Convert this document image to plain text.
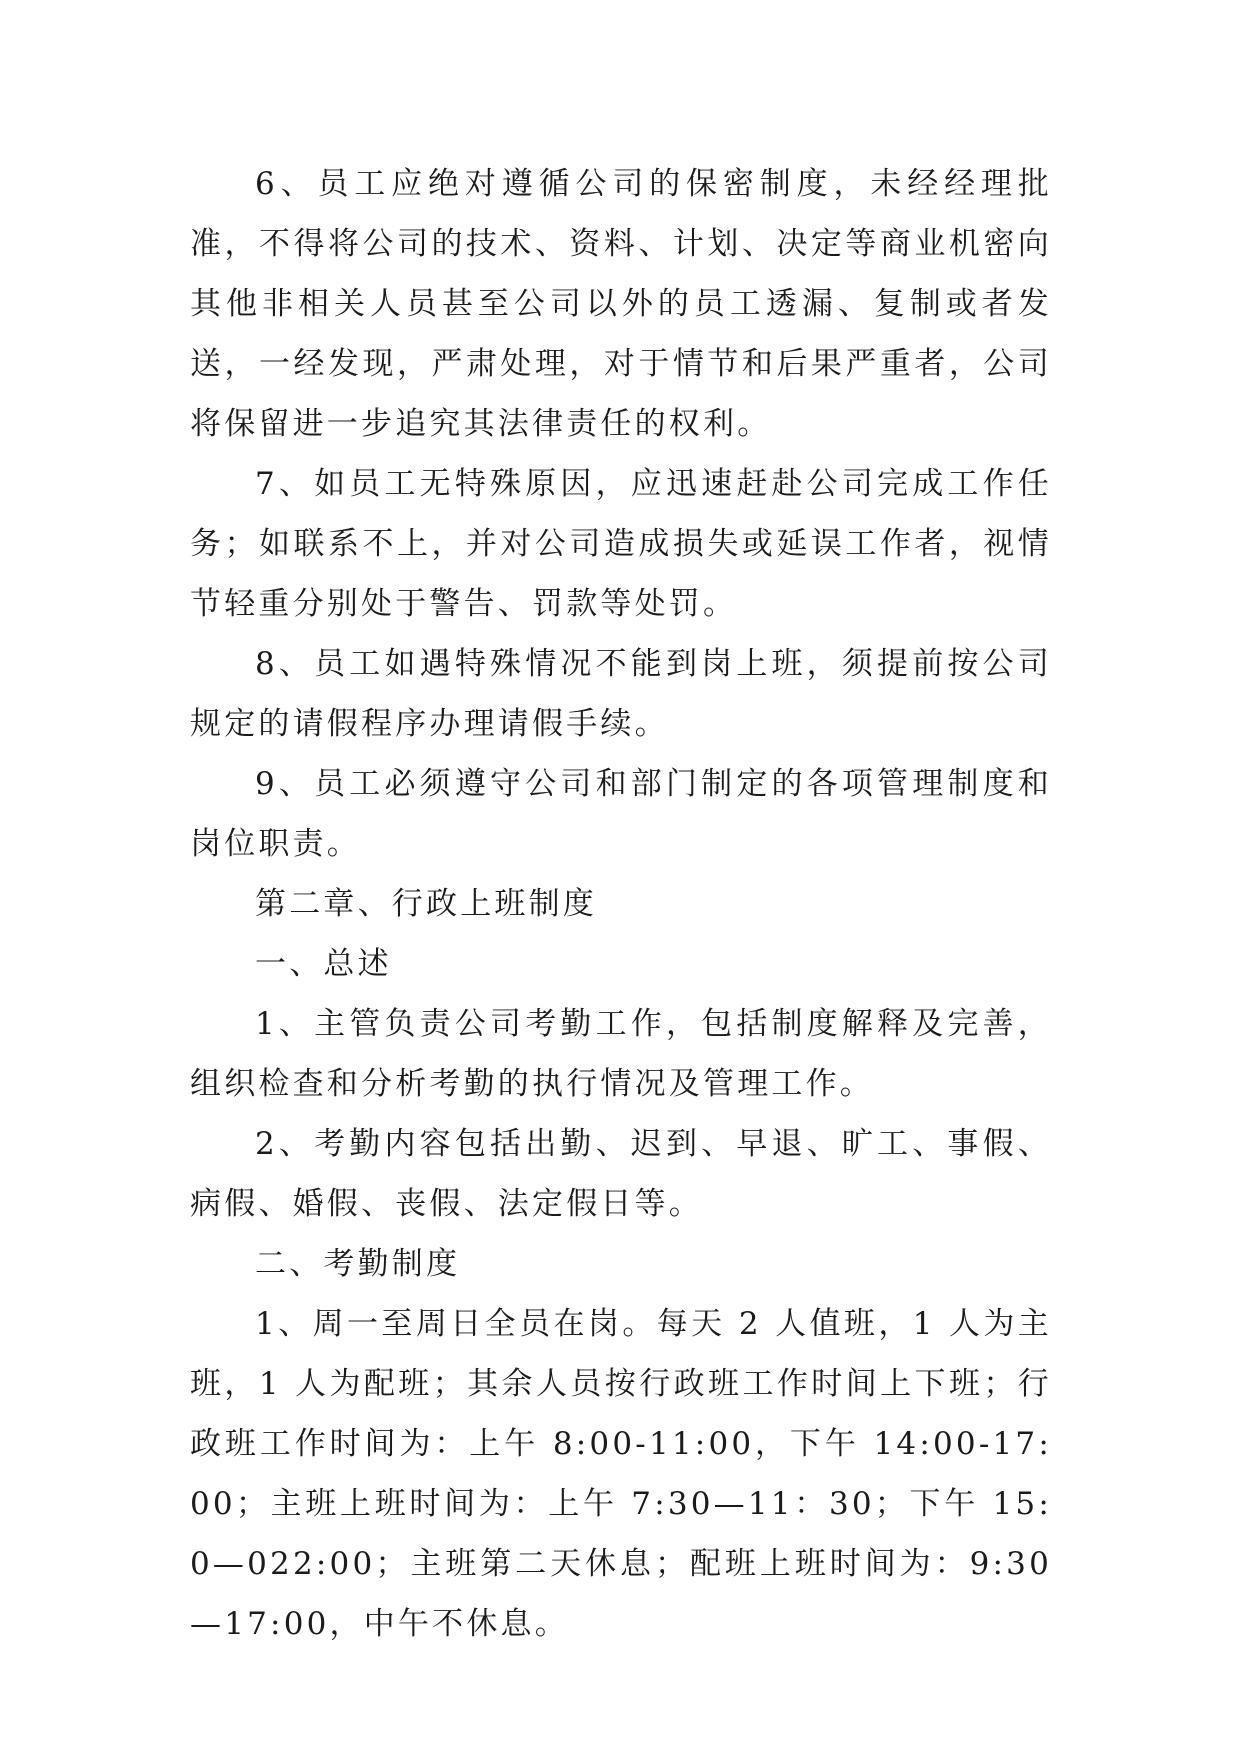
6、员工应绝对遵循公司的保密制度，未经经理批准，不得将公司的技术、资料、计划、决定等商业机密向其他非相关人员甚至公司以外的员工透漏、复制或者发送，一经发现，严肃处理，对于情节和后果严重者，公司将保留进一步追究其法律责任的权利。

7、如员工无特殊原因，应迅速赶赴公司完成工作任务；如联系不上，并对公司造成损失或延误工作者，视情节轻重分别处于警告、罚款等处罚。

8、员工如遇特殊情况不能到岗上班，须提前按公司规定的请假程序办理请假手续。

9、员工必须遵守公司和部门制定的各项管理制度和岗位职责。

第二章、行政上班制度

一、总述

1、主管负责公司考勤工作，包括制度解释及完善，组织检查和分析考勤的执行情况及管理工作。

2、考勤内容包括出勤、迟到、早退、旷工、事假、病假、婚假、丧假、法定假日等。

二、考勤制度

1、周一至周日全员在岗。每天 2 人值班，1 人为主班，1 人为配班；其余人员按行政班工作时间上下班；行政班工作时间为：上午 8:00-11:00，下午 14:00-17:00；主班上班时间为：上午 7:30—11：30；下午 15:0—022:00；主班第二天休息；配班上班时间为：9:30—17:00，中午不休息。
